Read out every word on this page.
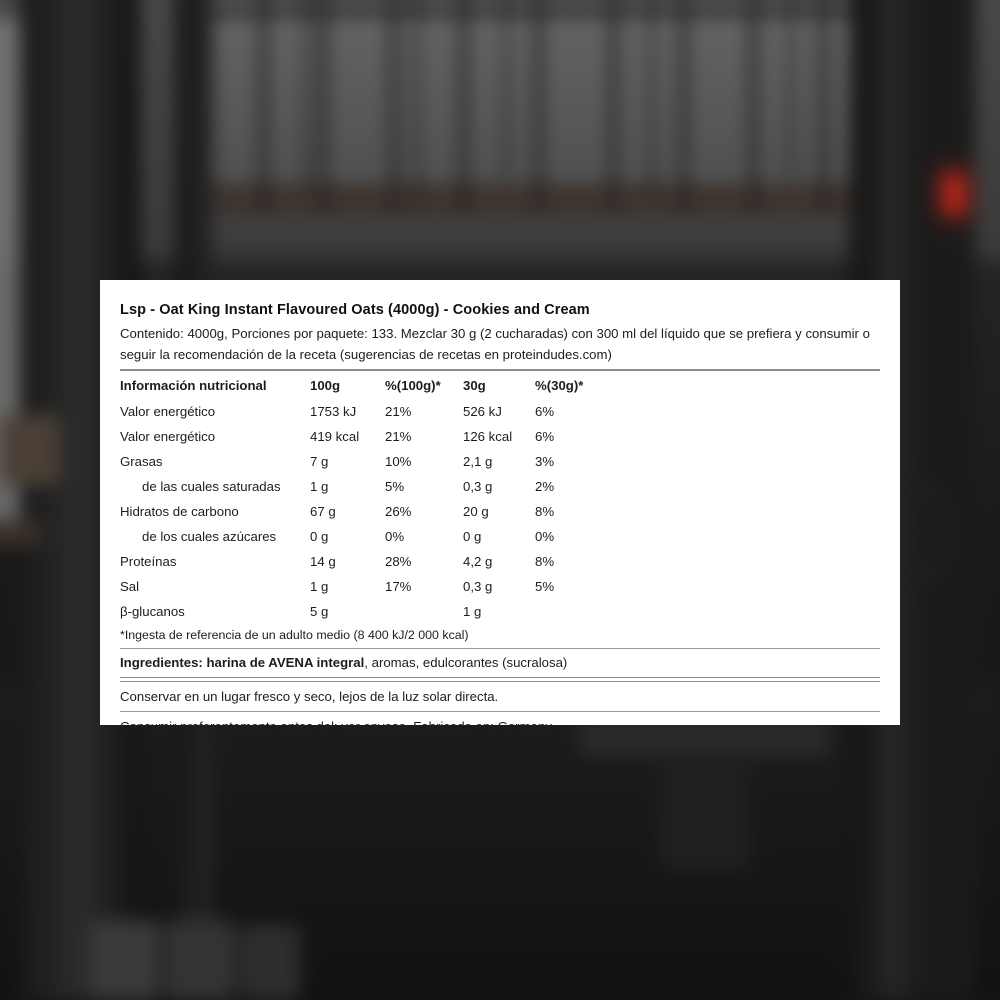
Lsp - Oat King Instant Flavoured Oats (4000g) - Cookies and Cream
Contenido: 4000g, Porciones por paquete: 133. Mezclar 30 g (2 cucharadas) con 300 ml del líquido que se prefiera y consumir o seguir la recomendación de la receta (sugerencias de recetas en proteindudes.com)
Información nutricional	100g	%(100g)*	30g	%(30g)*
Valor energético	1753 kJ	21%	526 kJ	6%
Valor energético	419 kcal	21%	126 kcal	6%
Grasas	7 g	10%	2,1 g	3%
de las cuales saturadas	1 g	5%	0,3 g	2%
Hidratos de carbono	67 g	26%	20 g	8%
de los cuales azúcares	0 g	0%	0 g	0%
Proteínas	14 g	28%	4,2 g	8%
Sal	1 g	17%	0,3 g	5%
β-glucanos	5 g		1 g	
*Ingesta de referencia de un adulto medio (8 400 kJ/2 000 kcal)
Ingredientes: harina de AVENA integral, aromas, edulcorantes (sucralosa)
Conservar en un lugar fresco y seco, lejos de la luz solar directa.
Consumir preferentemente antes del: ver envase. Fabricado en: Germany.
